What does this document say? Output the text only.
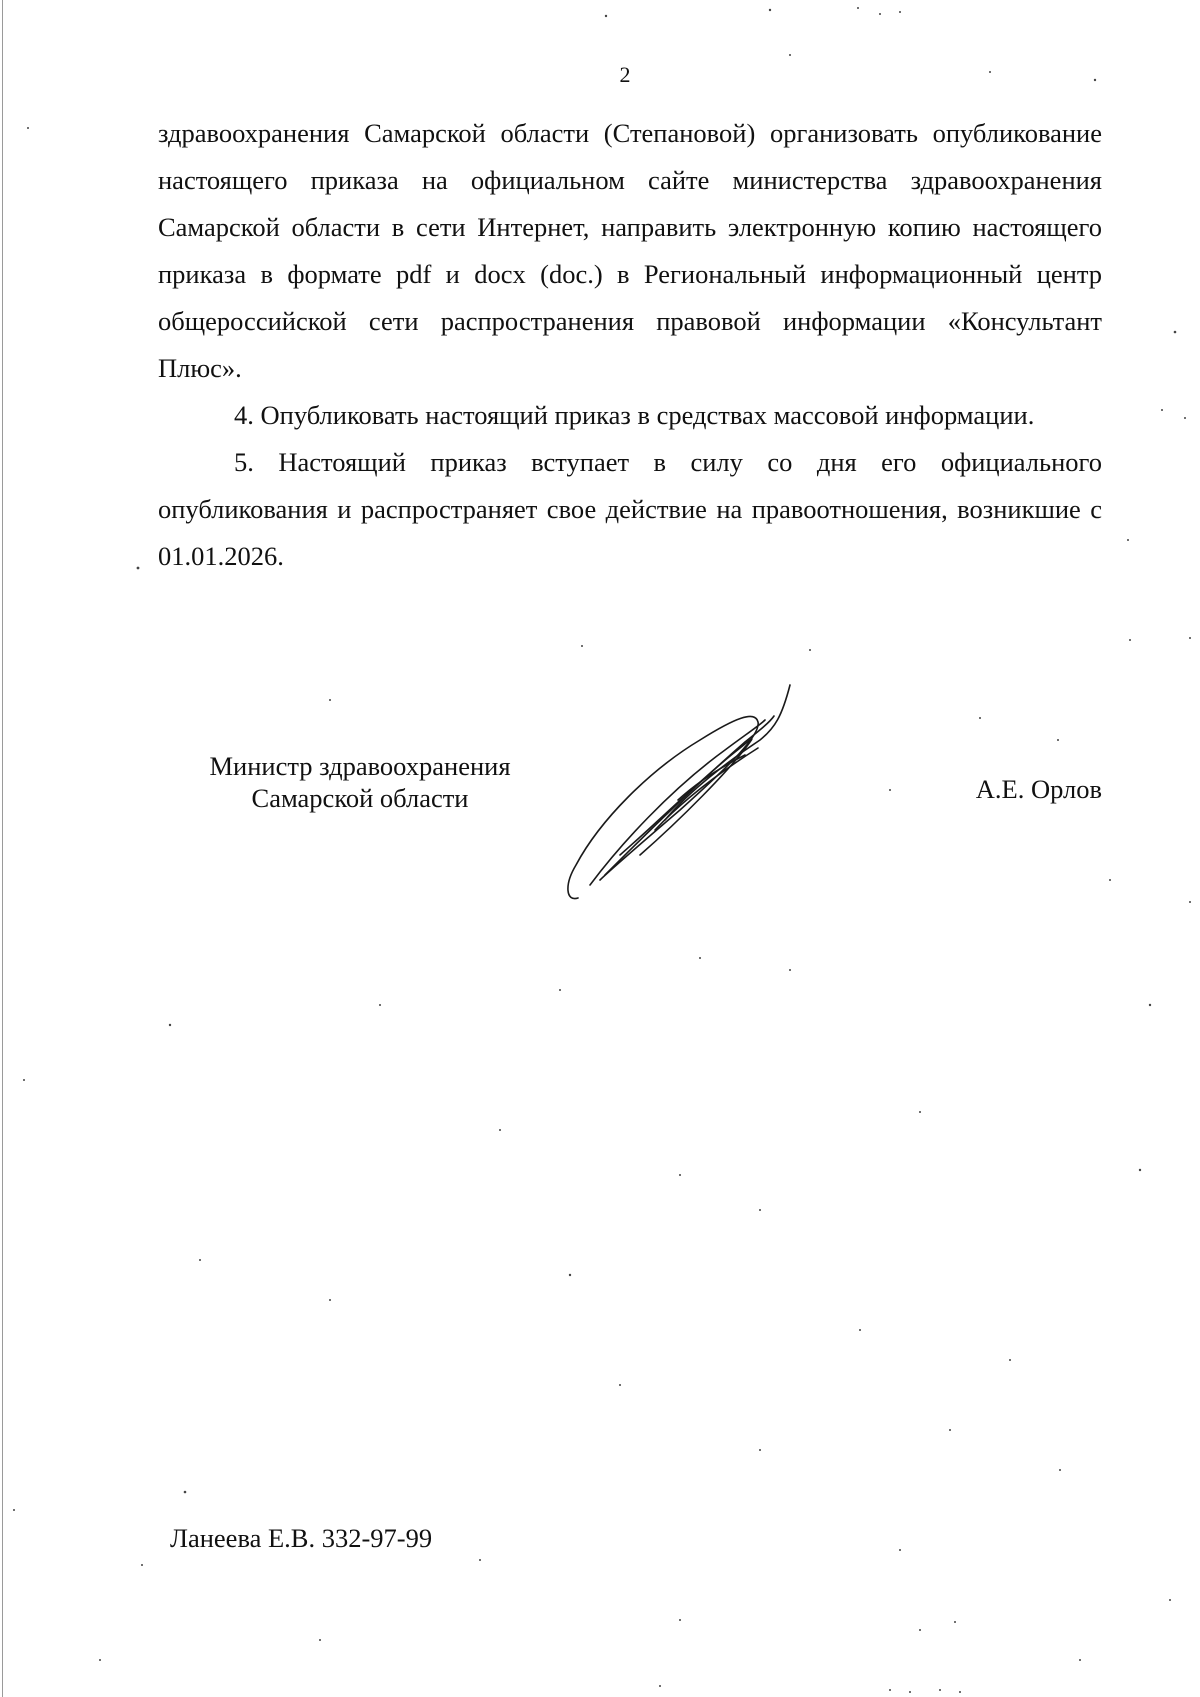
2

здравоохранения Самарской области (Степановой) организовать опубликование настоящего приказа на официальном сайте министерства здравоохранения Самарской области в сети Интернет, направить электронную копию настоящего приказа в формате pdf и docx (doc.) в Региональный информационный центр общероссийской сети распространения правовой информации «Консультант Плюс».

4. Опубликовать настоящий приказ в средствах массовой информации.

5. Настоящий приказ вступает в силу со дня его официального опубликования и распространяет свое действие на правоотношения, возникшие с 01.01.2026.

Министр здравоохранения
Самарской области	А.Е. Орлов
Ланеева Е.В. 332-97-99
